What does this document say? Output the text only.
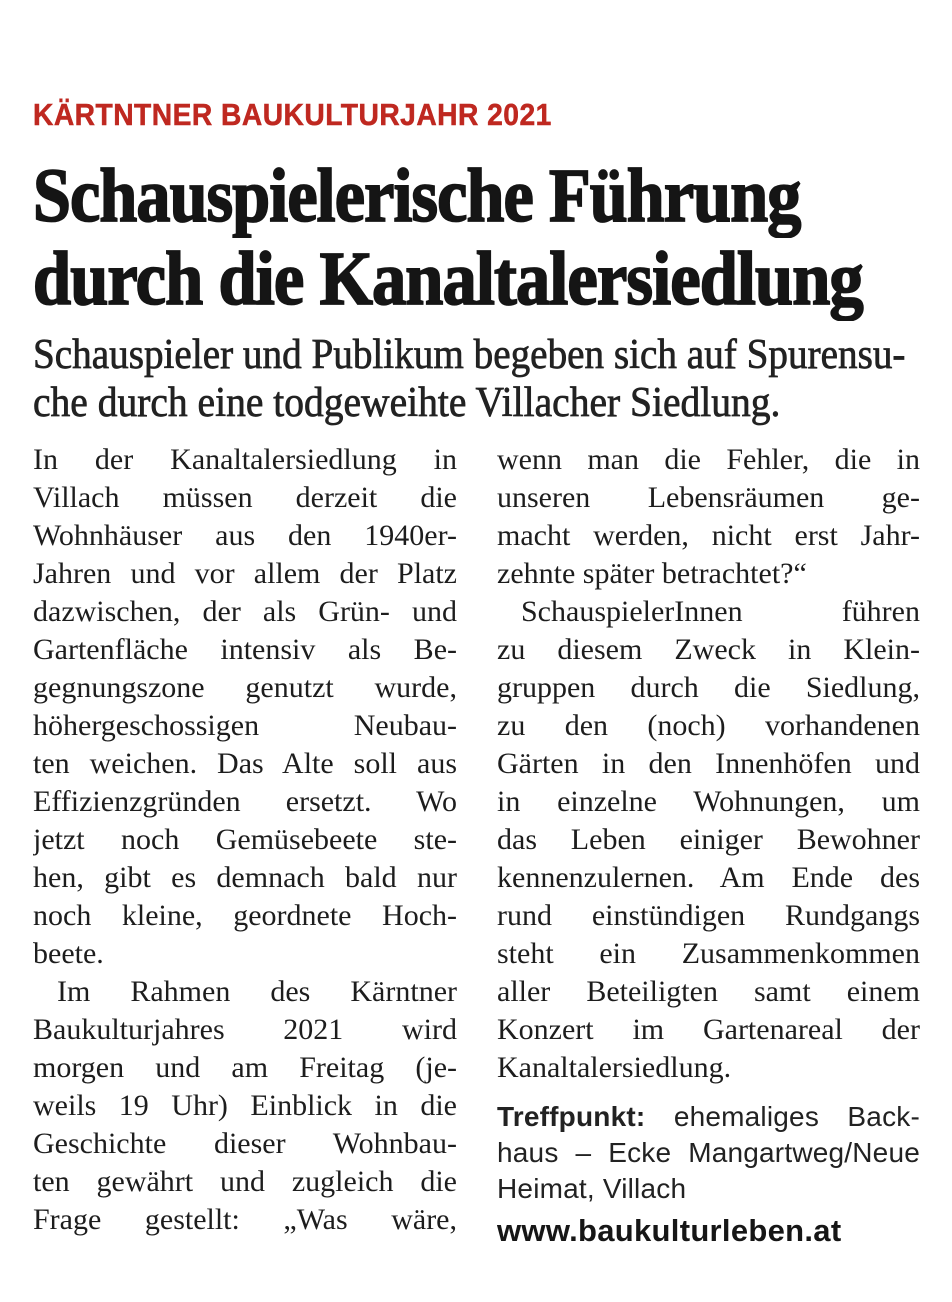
KÄRTNTNER BAUKULTURJAHR 2021
Schauspielerische Führung
durch die Kanaltalersiedlung
Schauspieler und Publikum begeben sich auf Spurensu-
che durch eine todgeweihte Villacher Siedlung.
In der Kanaltalersiedlung in
Villach müssen derzeit die
Wohnhäuser aus den 1940er-
Jahren und vor allem der Platz
dazwischen, der als Grün- und
Gartenfläche intensiv als Be-
gegnungszone genutzt wurde,
höhergeschossigen Neubau-
ten weichen. Das Alte soll aus
Effizienzgründen ersetzt. Wo
jetzt noch Gemüsebeete ste-
hen, gibt es demnach bald nur
noch kleine, geordnete Hoch-
beete.
Im Rahmen des Kärntner
Baukulturjahres 2021 wird
morgen und am Freitag (je-
weils 19 Uhr) Einblick in die
Geschichte dieser Wohnbau-
ten gewährt und zugleich die
Frage gestellt: „Was wäre,
wenn man die Fehler, die in
unseren Lebensräumen ge-
macht werden, nicht erst Jahr-
zehnte später betrachtet?“
SchauspielerInnen führen
zu diesem Zweck in Klein-
gruppen durch die Siedlung,
zu den (noch) vorhandenen
Gärten in den Innenhöfen und
in einzelne Wohnungen, um
das Leben einiger Bewohner
kennenzulernen. Am Ende des
rund einstündigen Rundgangs
steht ein Zusammenkommen
aller Beteiligten samt einem
Konzert im Gartenareal der
Kanaltalersiedlung.
Treffpunkt: ehemaliges Back-
haus – Ecke Mangartweg/Neue
Heimat, Villach
www.baukulturleben.at
